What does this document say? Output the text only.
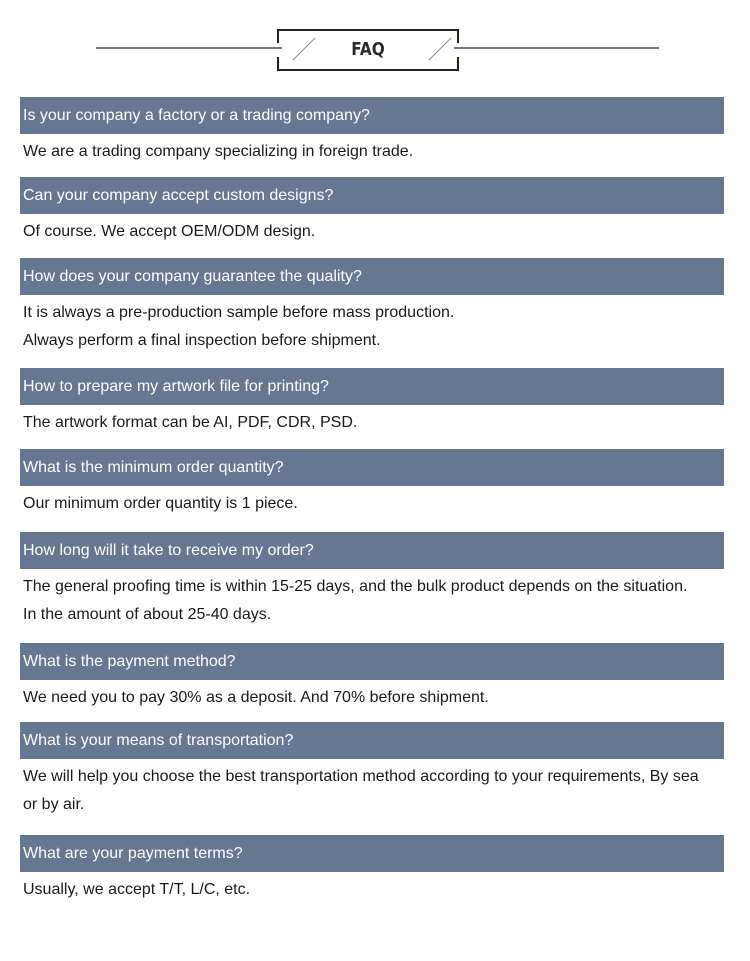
FAQ
Is your company a factory or a trading company?
We are a trading company specializing in foreign trade.
Can your company accept custom designs?
Of course. We accept OEM/ODM design.
How does your company guarantee the quality?
It is always a pre-production sample before mass production.
Always perform a final inspection before shipment.
How to prepare my artwork file for printing?
The artwork format can be AI, PDF, CDR, PSD.
What is the minimum order quantity?
Our minimum order quantity is 1 piece.
How long will it take to receive my order?
The general proofing time is within 15-25 days, and the bulk product depends on the situation.
In the amount of about 25-40 days.
What is the payment method?
We need you to pay 30% as a deposit. And 70% before shipment.
What is your means of transportation?
We will help you choose the best transportation method according to your requirements, By sea
or by air.
What are your payment terms?
Usually, we accept T/T, L/C, etc.
